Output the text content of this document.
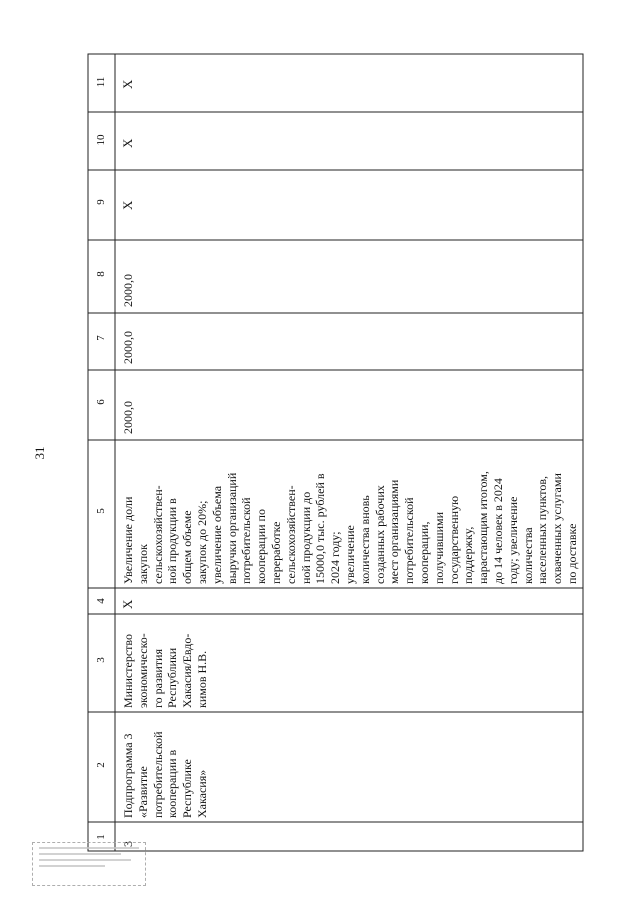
31
1
2
3
4
5
6
7
8
9
10
11
3
Подпрограмма 3 «Развитие потребительской кооперации в Республике Хакасия»
Министерство экономическо- го развития Республики Хакасия/Евдо- кимов Н.В.
Х
Увеличение доли закупок сельскохозяйствен- ной продукции в общем объеме закупок до 20%; увеличение объема выручки организаций потребительской кооперации по переработке сельскохозяйствен- ной продукции до 15000,0 тыс. рублей в 2024 году; увеличение количества вновь созданных рабочих мест организациями потребительской кооперации, получившими государственную поддержку, нарастающим итогом, до 14 человек в 2024 году; увеличение количества населенных пунктов, охваченных услугами по доставке
2000,0
2000,0
2000,0
Х
Х
Х
